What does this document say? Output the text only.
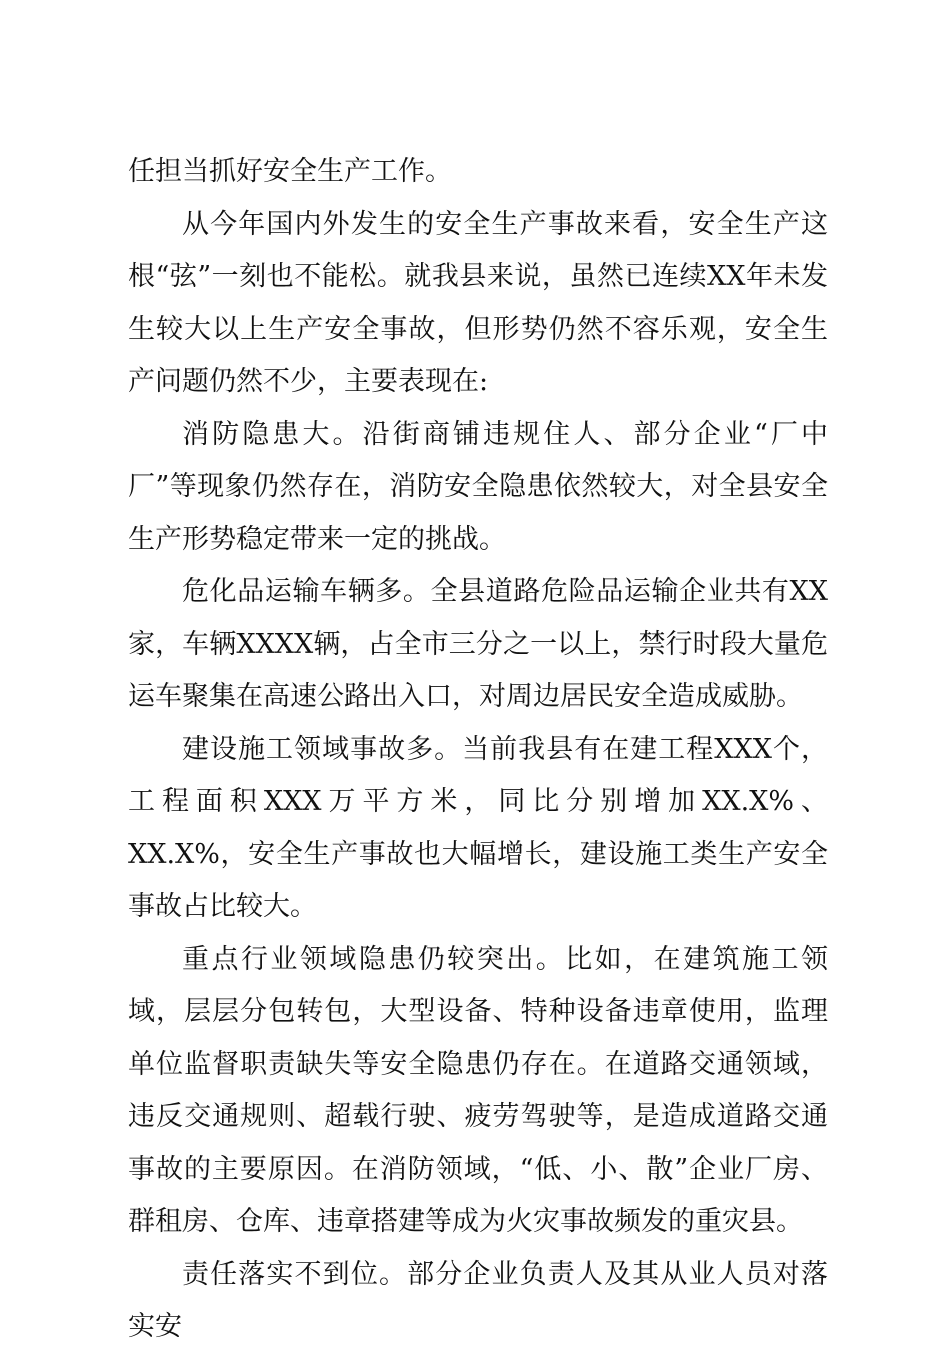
任担当抓好安全生产工作。

从今年国内外发生的安全生产事故来看，安全生产这根“弦”一刻也不能松。就我县来说，虽然已连续XX年未发生较大以上生产安全事故，但形势仍然不容乐观，安全生产问题仍然不少，主要表现在:

消防隐患大。沿街商铺违规住人、部分企业“厂中厂”等现象仍然存在，消防安全隐患依然较大，对全县安全生产形势稳定带来一定的挑战。

危化品运输车辆多。全县道路危险品运输企业共有XX家，车辆XXXX辆，占全市三分之一以上，禁行时段大量危运车聚集在高速公路出入口，对周边居民安全造成威胁。

建设施工领域事故多。当前我县有在建工程XXX个，工程面积XXX万平方米，同比分别增加XX.X%、XX.X%，安全生产事故也大幅增长，建设施工类生产安全事故占比较大。

重点行业领域隐患仍较突出。比如，在建筑施工领域，层层分包转包，大型设备、特种设备违章使用，监理单位监督职责缺失等安全隐患仍存在。在道路交通领域，违反交通规则、超载行驶、疲劳驾驶等，是造成道路交通事故的主要原因。在消防领域，“低、小、散”企业厂房、群租房、仓库、违章搭建等成为火灾事故频发的重灾县。

责任落实不到位。部分企业负责人及其从业人员对落实安
